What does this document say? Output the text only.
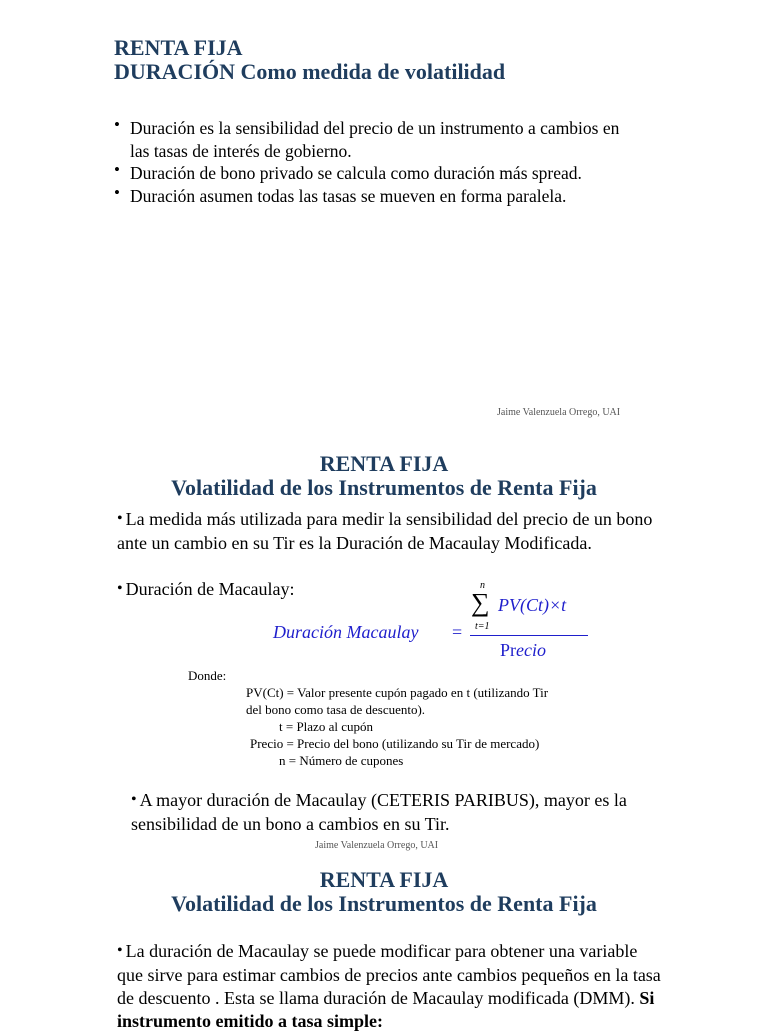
RENTA FIJA
DURACIÓN Como medida de volatilidad
• Duración es la sensibilidad del precio de un instrumento a cambios en las tasas de interés de gobierno.
• Duración de bono privado se calcula como duración más spread.
• Duración asumen todas las tasas se mueven en forma paralela.
Jaime Valenzuela Orrego, UAI
RENTA FIJA
Volatilidad de los Instrumentos de Renta Fija
• La medida más utilizada para medir la sensibilidad del precio de un bono ante un cambio en su Tir es la Duración de Macaulay Modificada.
• Duración de Macaulay:
Duración Macaulay =
n
∑
t=1
PV(Ct)×t
Precio
Donde:
PV(Ct) = Valor presente cupón pagado en t (utilizando Tir
del bono como tasa de descuento).
t = Plazo al cupón
Precio = Precio del bono (utilizando su Tir de mercado)
n = Número de cupones
• A mayor duración de Macaulay (CETERIS PARIBUS), mayor es la sensibilidad de un bono a cambios en su Tir.
Jaime Valenzuela Orrego, UAI
RENTA FIJA
Volatilidad de los Instrumentos de Renta Fija
• La duración de Macaulay se puede modificar para obtener una variable que sirve para estimar cambios de precios ante cambios pequeños en la tasa de descuento . Esta se llama duración de Macaulay modificada (DMM). Si instrumento emitido a tasa simple:
